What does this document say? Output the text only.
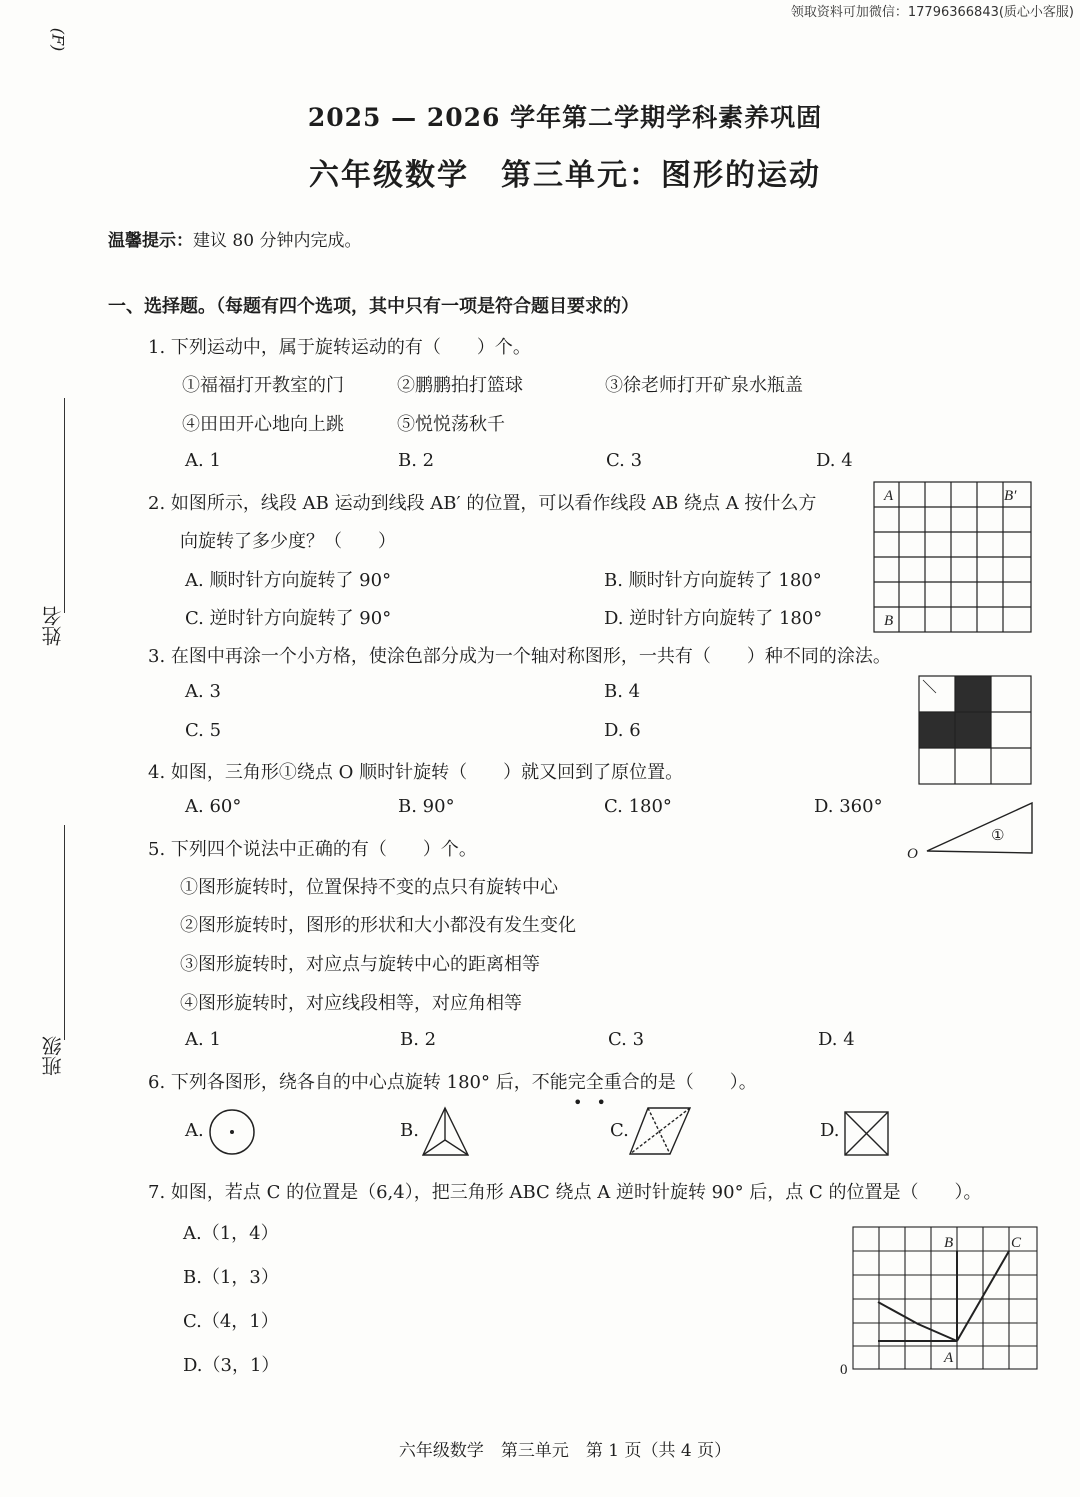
领取资料可加微信：17796366843(质心小客服)
(F)
2025 — 2026 学年第二学期学科素养巩固
六年级数学　第三单元：图形的运动
温馨提示：建议 80 分钟内完成。
姓名
班级
一、选择题。（每题有四个选项，其中只有一项是符合题目要求的）
1. 下列运动中，属于旋转运动的有（　　）个。
①福福打开教室的门	②鹏鹏拍打篮球	③徐老师打开矿泉水瓶盖
④田田开心地向上跳	⑤悦悦荡秋千
A. 1	B. 2	C. 3	D. 4
2. 如图所示，线段 AB 运动到线段 AB′ 的位置，可以看作线段 AB 绕点 A 按什么方
向旋转了多少度？（　　）
A. 顺时针方向旋转了 90°	B. 顺时针方向旋转了 180°
C. 逆时针方向旋转了 90°	D. 逆时针方向旋转了 180°
A	B′
B
3. 在图中再涂一个小方格，使涂色部分成为一个轴对称图形，一共有（　　）种不同的涂法。
A. 3	B. 4
C. 5	D. 6
4. 如图，三角形①绕点 O 顺时针旋转（　　）就又回到了原位置。
A. 60°	B. 90°	C. 180°	D. 360°
O
①
5. 下列四个说法中正确的有（　　）个。
①图形旋转时，位置保持不变的点只有旋转中心
②图形旋转时，图形的形状和大小都没有发生变化
③图形旋转时，对应点与旋转中心的距离相等
④图形旋转时，对应线段相等，对应角相等
A. 1	B. 2	C. 3	D. 4
6. 下列各图形，绕各自的中心点旋转 180° 后，不能完全重合的是（　　）。
••
A.	B.	C.	D.
7. 如图，若点 C 的位置是（6,4），把三角形 ABC 绕点 A 逆时针旋转 90° 后，点 C 的位置是（　　）。
A.（1，4）
B.（1，3）
C.（4，1）
D.（3，1）
B	C
A
0
六年级数学　第三单元　第 1 页（共 4 页）
